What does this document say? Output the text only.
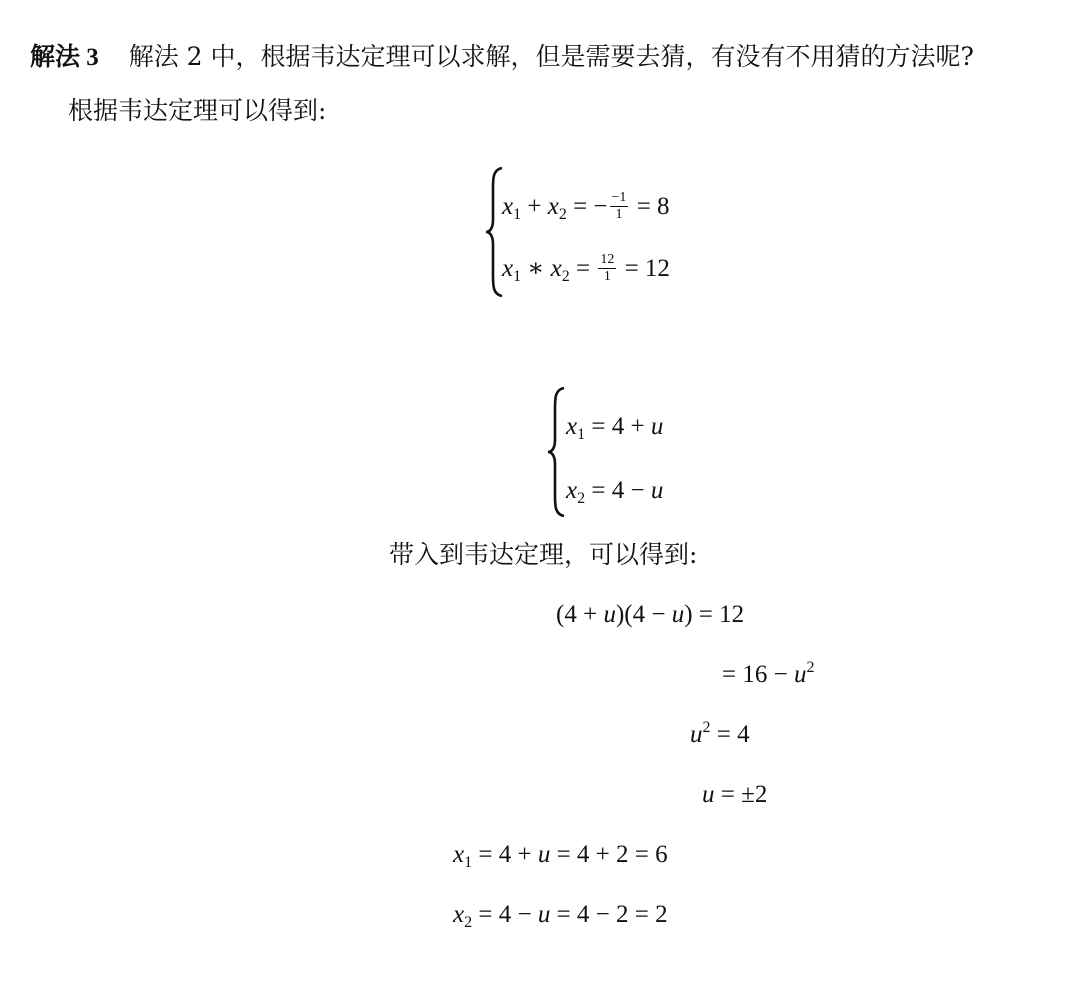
解法 3 解法 2 中，根据韦达定理可以求解，但是需要去猜，有没有不用猜的方法呢?
根据韦达定理可以得到:
$x_1 + x_2$ = − $\frac{-1}{1} = 8$
$x_1$ ∗ $x_2 = \frac{12}{1} = 12$
$x_1 = 4 + u$
$x_2 = 4 - u$
带入到韦达定理，可以得到:
(4 + u)(4 − u) = 12
= $16 - u^2$
$u^2 = 4$
u = ±2
$x_1 = 4 + u = 4 + 2 = 6$
$x_2 = 4 - u = 4 - 2 = 2$
